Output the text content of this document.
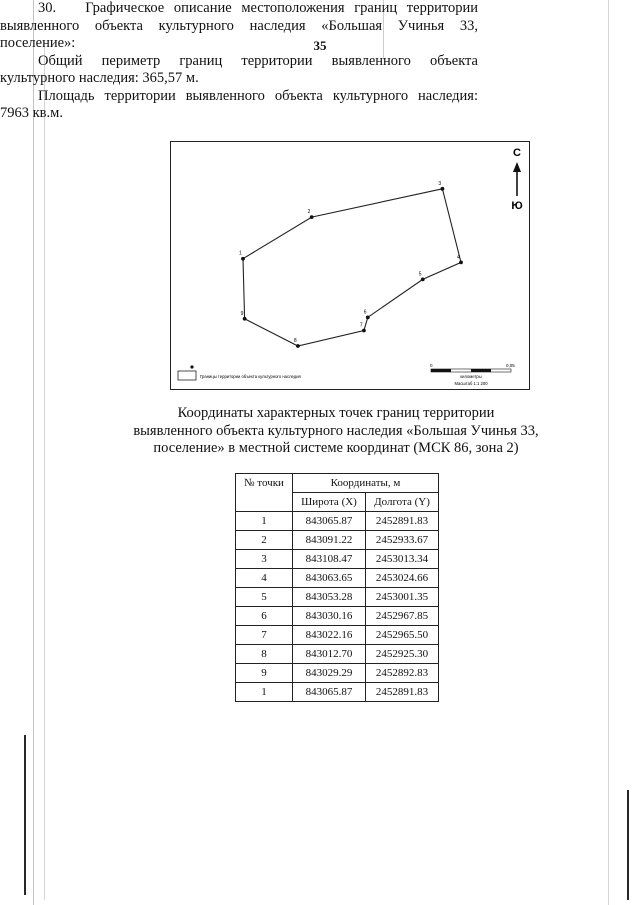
35
30. Графическое описание местоположения границ территории
выявленного объекта культурного наследия «Большая Учинья 33,
поселение»:
1
2
3
4
5
6
7
8
9
С
Ю
Границы территории объекта культурного наследия
0	0,05
километры
Масштаб 1:1 200
Координаты характерных точек границ территории
выявленного объекта культурного наследия «Большая Учинья 33,
поселение» в местной системе координат (МСК 86, зона 2)
№ точки	Координаты, м	
	Широта (X)	Долгота (Y)
1	843065.87	2452891.83
2	843091.22	2452933.67
3	843108.47	2453013.34
4	843063.65	2453024.66
5	843053.28	2453001.35
6	843030.16	2452967.85
7	843022.16	2452965.50
8	843012.70	2452925.30
9	843029.29	2452892.83
1	843065.87	2452891.83
Общий периметр границ территории выявленного объекта
культурного наследия: 365,57 м.
Площадь территории выявленного объекта культурного наследия:
7963 кв.м.
